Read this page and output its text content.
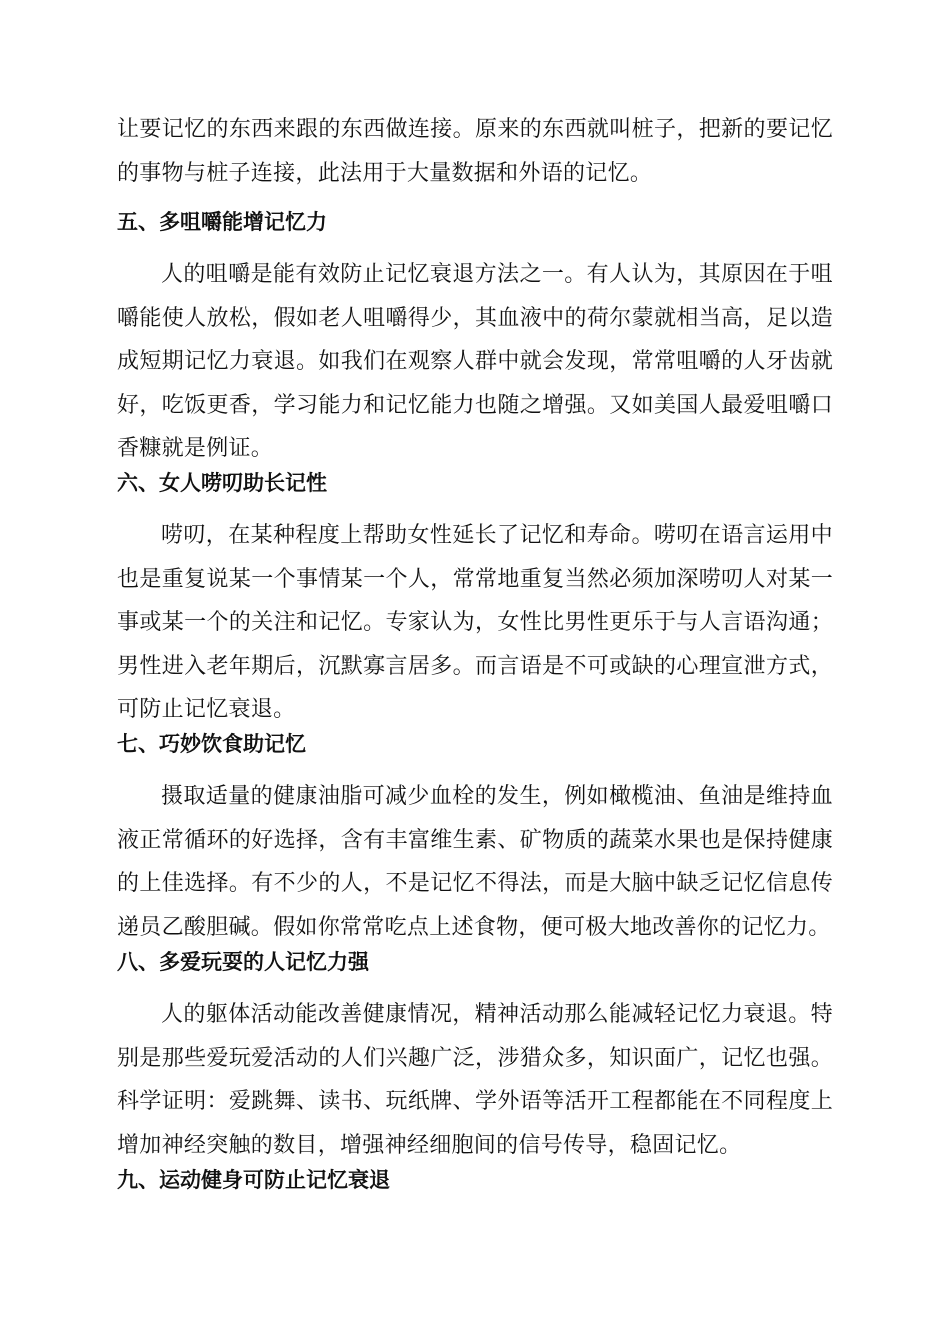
让要记忆的东西来跟的东西做连接。原来的东西就叫桩子，把新的要记忆的事物与桩子连接，此法用于大量数据和外语的记忆。

五、多咀嚼能增记忆力

人的咀嚼是能有效防止记忆衰退方法之一。有人认为，其原因在于咀嚼能使人放松，假如老人咀嚼得少，其血液中的荷尔蒙就相当高，足以造成短期记忆力衰退。如我们在观察人群中就会发现，常常咀嚼的人牙齿就好，吃饭更香，学习能力和记忆能力也随之增强。又如美国人最爱咀嚼口香糠就是例证。

六、女人唠叨助长记性

唠叨，在某种程度上帮助女性延长了记忆和寿命。唠叨在语言运用中也是重复说某一个事情某一个人，常常地重复当然必须加深唠叨人对某一事或某一个的关注和记忆。专家认为，女性比男性更乐于与人言语沟通；男性进入老年期后，沉默寡言居多。而言语是不可或缺的心理宣泄方式，可防止记忆衰退。

七、巧妙饮食助记忆

摄取适量的健康油脂可减少血栓的发生，例如橄榄油、鱼油是维持血液正常循环的好选择，含有丰富维生素、矿物质的蔬菜水果也是保持健康的上佳选择。有不少的人，不是记忆不得法，而是大脑中缺乏记忆信息传递员乙酸胆碱。假如你常常吃点上述食物，便可极大地改善你的记忆力。

八、多爱玩耍的人记忆力强

人的躯体活动能改善健康情况，精神活动那么能减轻记忆力衰退。特别是那些爱玩爱活动的人们兴趣广泛，涉猎众多，知识面广，记忆也强。科学证明：爱跳舞、读书、玩纸牌、学外语等活开工程都能在不同程度上增加神经突触的数目，增强神经细胞间的信号传导，稳固记忆。

九、运动健身可防止记忆衰退
